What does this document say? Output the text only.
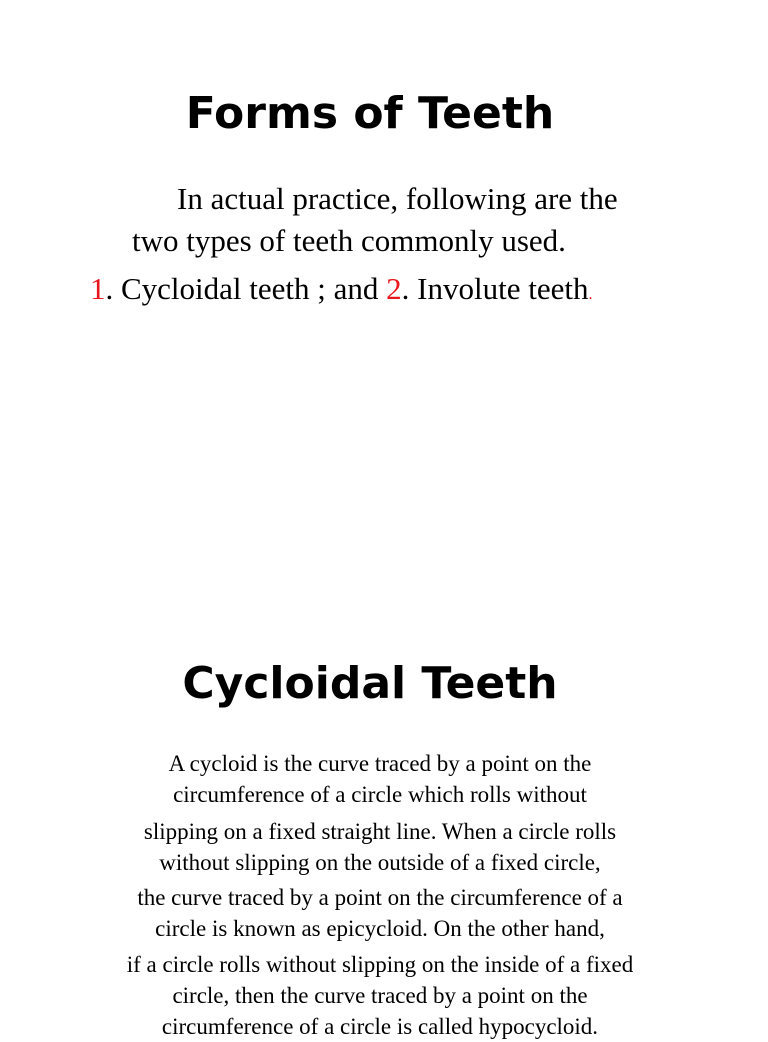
Forms of Teeth

In actual practice, following are the

two types of teeth commonly used.

1. Cycloidal teeth ; and 2. Involute teeth.

Cycloidal Teeth

A cycloid is the curve traced by a point on the
circumference of a circle which rolls without

slipping on a fixed straight line. When a circle rolls
without slipping on the outside of a fixed circle,

the curve traced by a point on the circumference of a
circle is known as epicycloid. On the other hand,

if a circle rolls without slipping on the inside of a fixed
circle, then the curve traced by a point on the
circumference of a circle is called hypocycloid.
